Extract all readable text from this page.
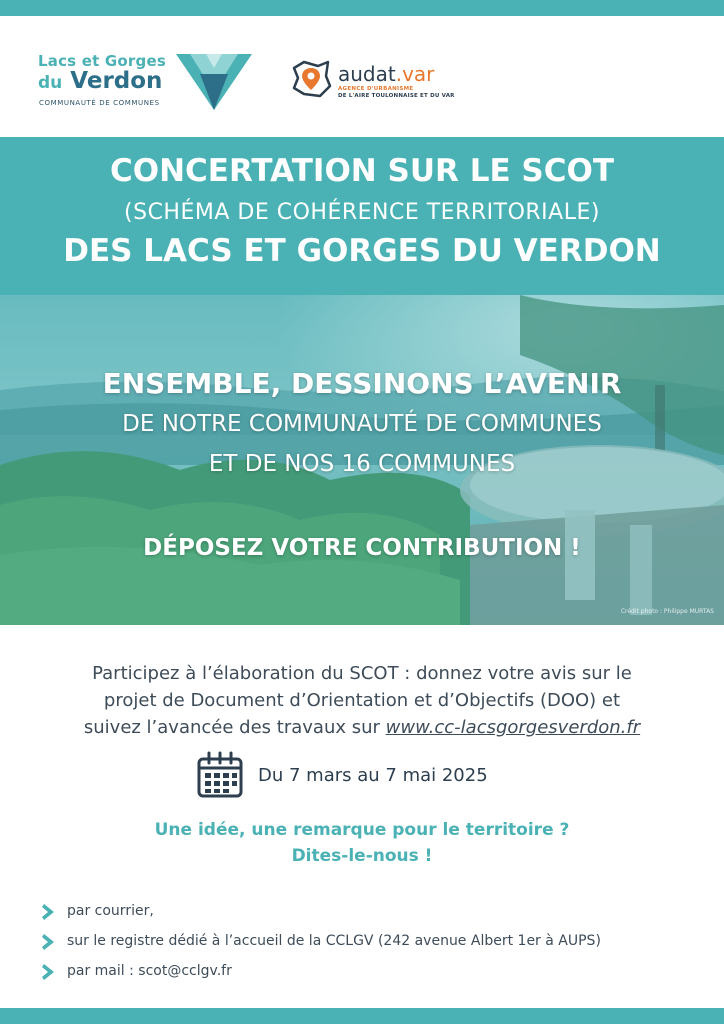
Lacs et Gorges
du Verdon
COMMUNAUTÉ DE COMMUNES
audat.var
AGENCE D'URBANISME
DE L'AIRE TOULONNAISE ET DU VAR
CONCERTATION SUR LE SCOT
(SCHÉMA DE COHÉRENCE TERRITORIALE)
DES LACS ET GORGES DU VERDON
ENSEMBLE, DESSINONS L’AVENIR
DE NOTRE COMMUNAUTÉ DE COMMUNES
ET DE NOS 16 COMMUNES
DÉPOSEZ VOTRE CONTRIBUTION !
Crédit photo : Philippe MURTAS
Participez à l’élaboration du SCOT : donnez votre avis sur le
projet de Document d’Orientation et d’Objectifs (DOO) et
suivez l’avancée des travaux sur www.cc-lacsgorgesverdon.fr
Du 7 mars au 7 mai 2025
Une idée, une remarque pour le territoire ?
Dites-le-nous !
par courrier,
sur le registre dédié à l’accueil de la CCLGV (242 avenue Albert 1er à AUPS)
par mail : scot@cclgv.fr
